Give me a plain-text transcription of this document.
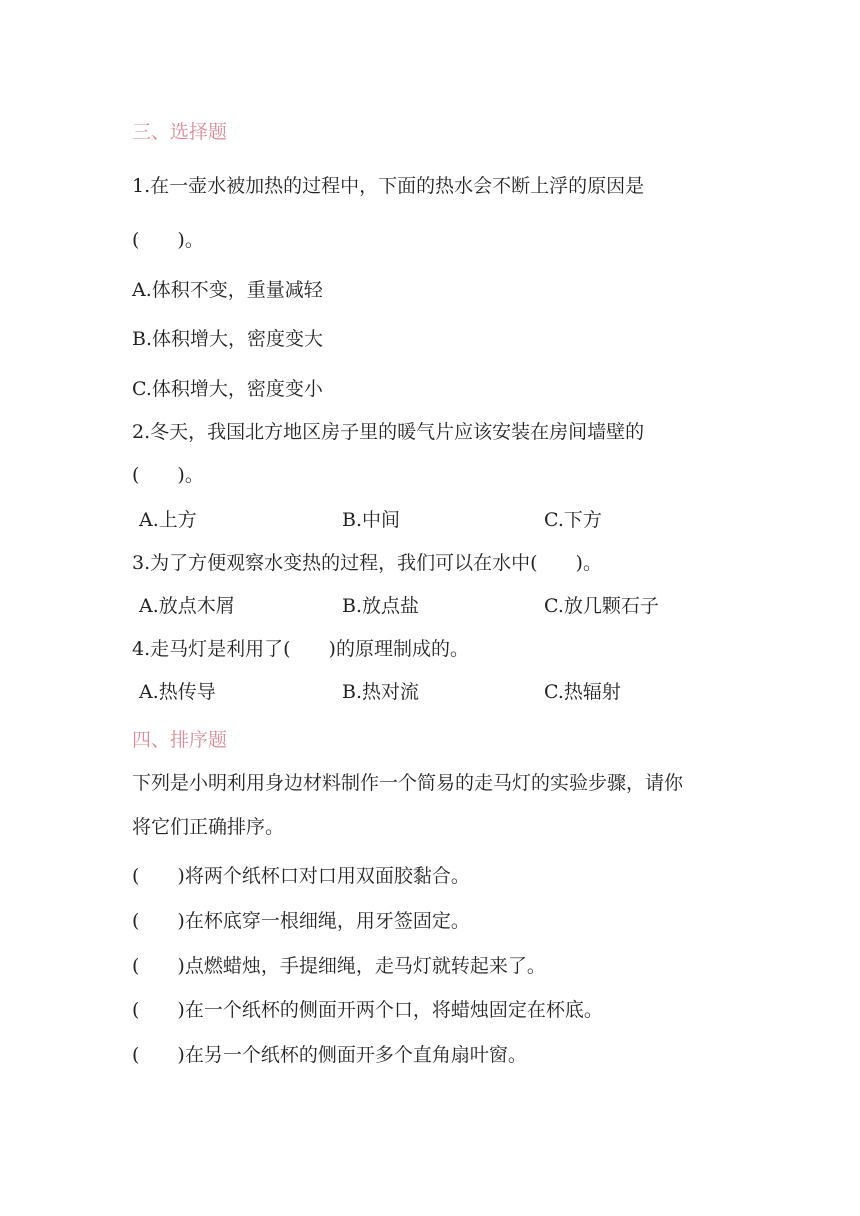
三、选择题
1.在一壶水被加热的过程中，下面的热水会不断上浮的原因是
(　　)。
A.体积不变，重量减轻
B.体积增大，密度变大
C.体积增大，密度变小
2.冬天，我国北方地区房子里的暖气片应该安装在房间墙壁的
(　　)。
A.上方	B.中间	C.下方
3.为了方便观察水变热的过程，我们可以在水中(　　)。
A.放点木屑	B.放点盐	C.放几颗石子
4.走马灯是利用了(　　)的原理制成的。
A.热传导	B.热对流	C.热辐射
四、排序题
下列是小明利用身边材料制作一个简易的走马灯的实验步骤，请你
将它们正确排序。
(　　)将两个纸杯口对口用双面胶黏合。
(　　)在杯底穿一根细绳，用牙签固定。
(　　)点燃蜡烛，手提细绳，走马灯就转起来了。
(　　)在一个纸杯的侧面开两个口，将蜡烛固定在杯底。
(　　)在另一个纸杯的侧面开多个直角扇叶窗。
